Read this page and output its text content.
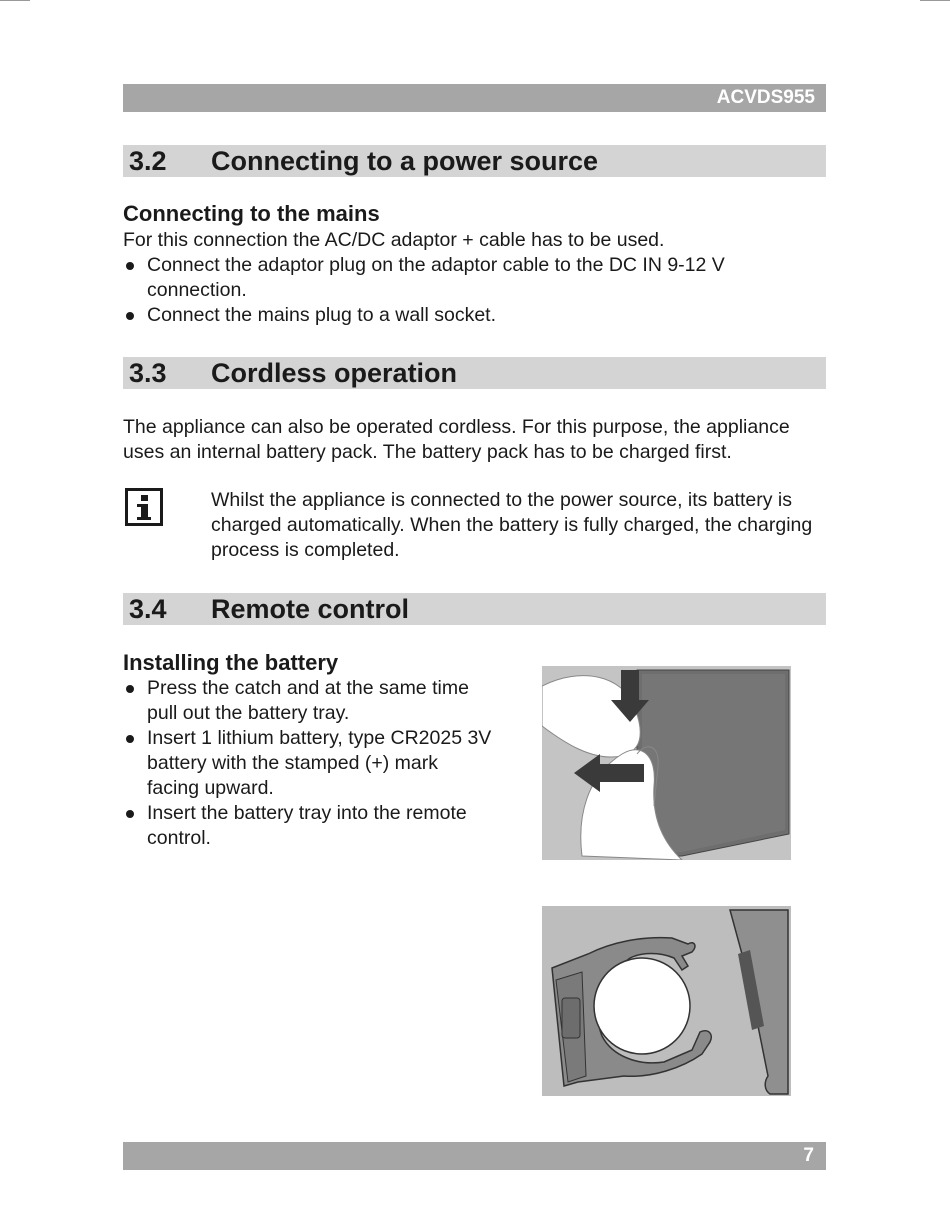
ACVDS955
3.2 Connecting to a power source
Connecting to the mains

For this connection the AC/DC adaptor + cable has to be used.

Connect the adaptor plug on the adaptor cable to the DC IN 9-12 V connection.
Connect the mains plug to a wall socket.
3.3 Cordless operation

The appliance can also be operated cordless. For this purpose, the appliance uses an internal battery pack. The battery pack has to be charged first.

Whilst the appliance is connected to the power source, its battery is charged automatically. When the battery is fully charged, the charging process is completed.

3.4 Remote control
Installing the battery
Press the catch and at the same time pull out the battery tray.
Insert 1 lithium battery, type CR2025 3V battery with the stamped (+) mark facing upward.
Insert the battery tray into the remote control.
7
